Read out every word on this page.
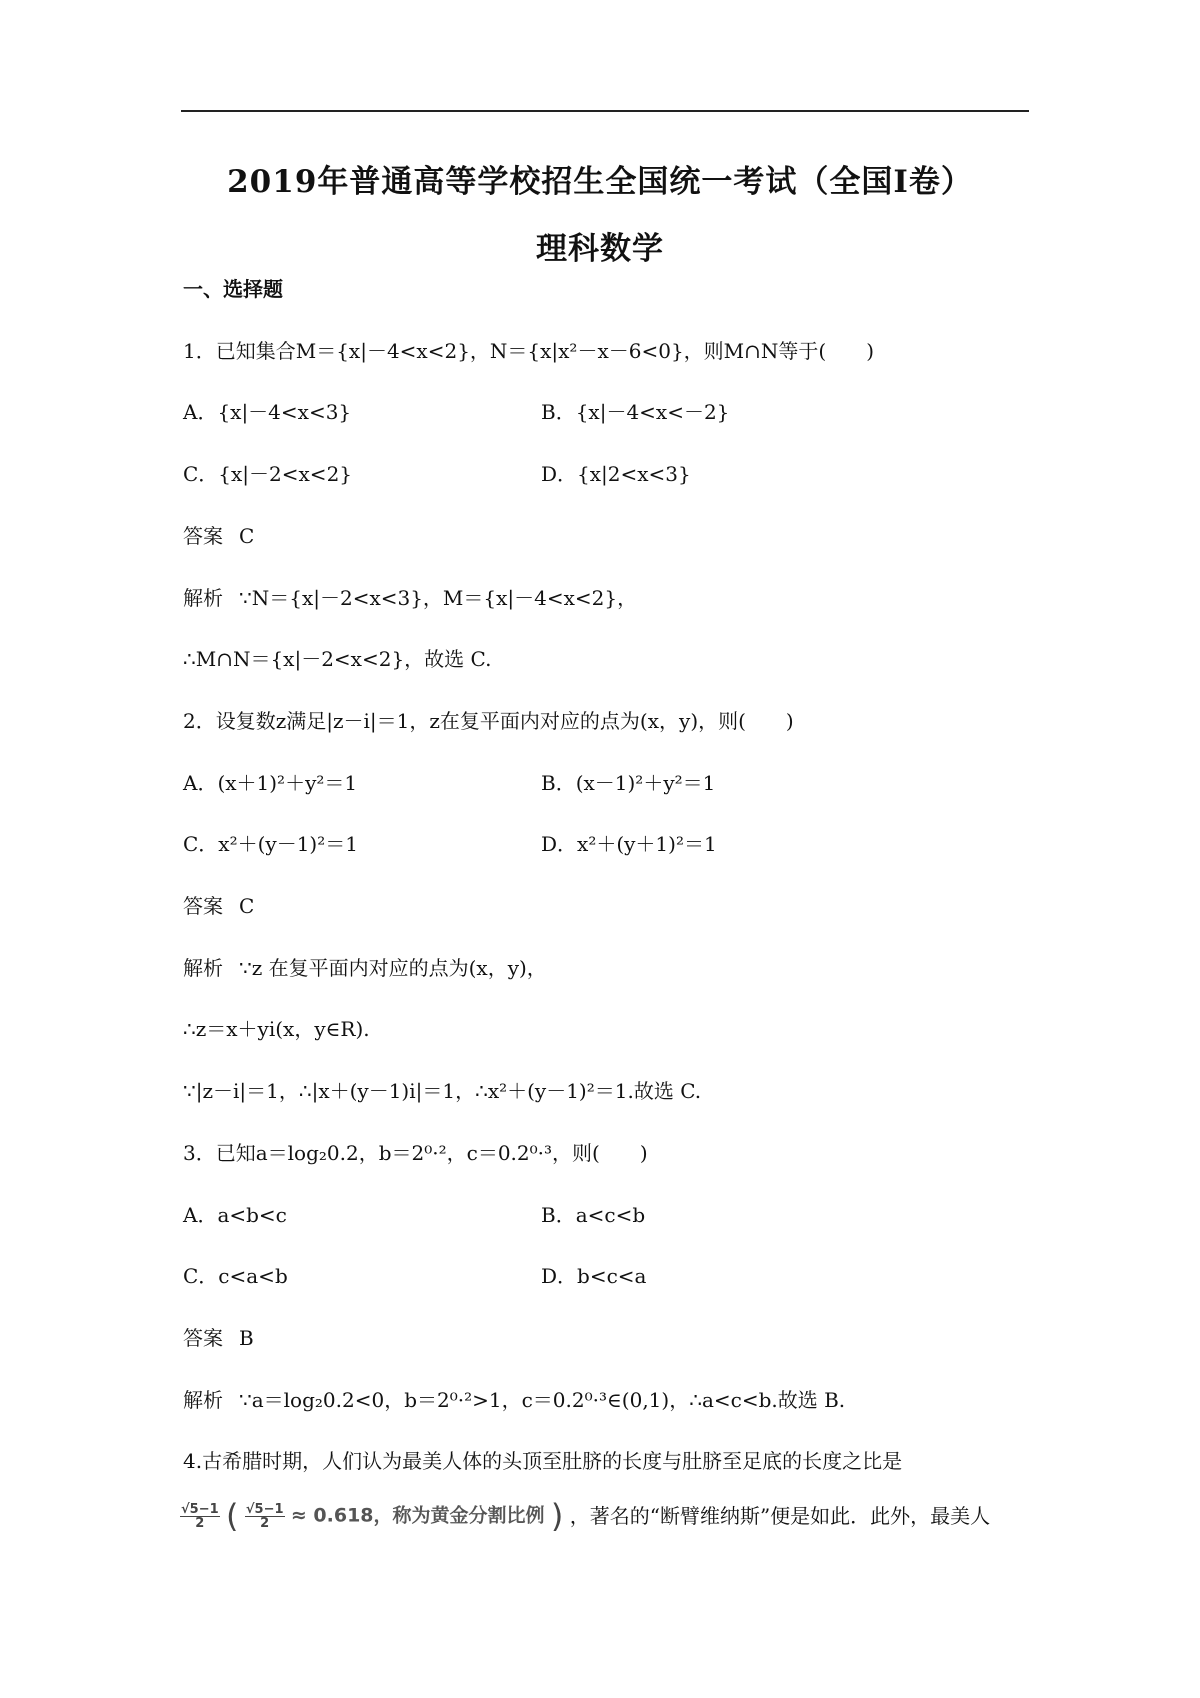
2019年普通高等学校招生全国统一考试（全国Ⅰ卷）
理科数学
一、选择题
1．已知集合M＝{x|－4<x<2}，N＝{x|x²－x－6<0}，则M∩N等于(　　)
A．{x|－4<x<3}	B．{x|－4<x<－2}
C．{x|－2<x<2}	D．{x|2<x<3}
答案 C
解析 ∵N＝{x|－2<x<3}，M＝{x|－4<x<2}，
∴M∩N＝{x|－2<x<2}，故选 C.
2．设复数z满足|z－i|＝1，z在复平面内对应的点为(x，y)，则(　　)
A．(x＋1)²＋y²＝1	B．(x－1)²＋y²＝1
C．x²＋(y－1)²＝1	D．x²＋(y＋1)²＝1
答案 C
解析 ∵z 在复平面内对应的点为(x，y)，
∴z＝x＋yi(x，y∈R).
∵|z－i|＝1，∴|x＋(y－1)i|＝1，∴x²＋(y－1)²＝1.故选 C.
3．已知a＝log₂0.2，b＝2⁰·²，c＝0.2⁰·³，则(　　)
A．a<b<c	B．a<c<b
C．c<a<b	D．b<c<a
答案 B
解析 ∵a＝log₂0.2<0，b＝2⁰·²>1，c＝0.2⁰·³∈(0,1)，∴a<c<b.故选 B.
4.古希腊时期，人们认为最美人体的头顶至肚脐的长度与肚脐至足底的长度之比是
$\frac{√5-1}{2}$ ( $\frac{√5-1}{2} \approx 0.618$，称为黄金分割比例 ) ，著名的“断臂维纳斯”便是如此．此外，最美人
